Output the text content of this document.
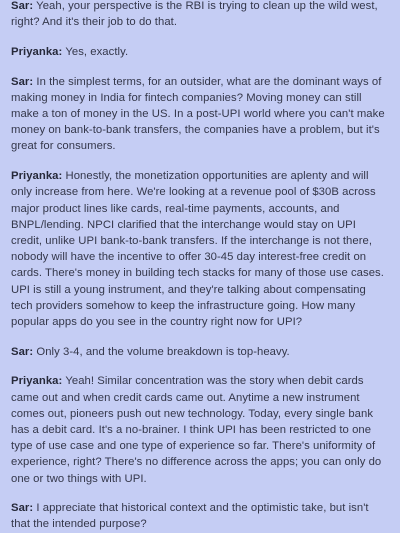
Sar: Yeah, your perspective is the RBI is trying to clean up the wild west, right? And it's their job to do that.

Priyanka: Yes, exactly.

Sar: In the simplest terms, for an outsider, what are the dominant ways of making money in India for fintech companies? Moving money can still make a ton of money in the US. In a post-UPI world where you can't make money on bank-to-bank transfers, the companies have a problem, but it's great for consumers.

Priyanka: Honestly, the monetization opportunities are aplenty and will only increase from here. We're looking at a revenue pool of $30B across major product lines like cards, real-time payments, accounts, and BNPL/lending. NPCI clarified that the interchange would stay on UPI credit, unlike UPI bank-to-bank transfers. If the interchange is not there, nobody will have the incentive to offer 30-45 day interest-free credit on cards. There's money in building tech stacks for many of those use cases. UPI is still a young instrument, and they're talking about compensating tech providers somehow to keep the infrastructure going. How many popular apps do you see in the country right now for UPI?

Sar: Only 3-4, and the volume breakdown is top-heavy.

Priyanka: Yeah! Similar concentration was the story when debit cards came out and when credit cards came out. Anytime a new instrument comes out, pioneers push out new technology. Today, every single bank has a debit card. It's a no-brainer. I think UPI has been restricted to one type of use case and one type of experience so far. There's uniformity of experience, right? There's no difference across the apps; you can only do one or two things with UPI.

Sar: I appreciate that historical context and the optimistic take, but isn't that the intended purpose?
